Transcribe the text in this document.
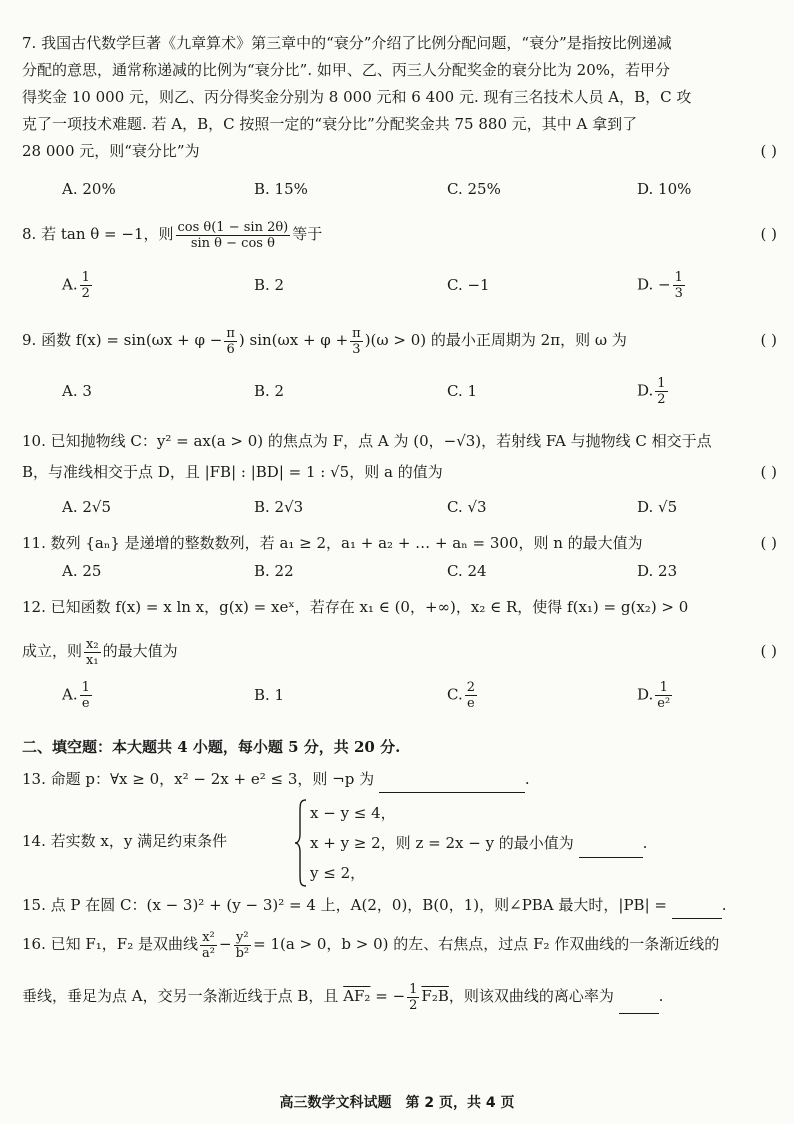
7. 我国古代数学巨著《九章算术》第三章中的“衰分”介绍了比例分配问题，“衰分”是指按比例递减
分配的意思，通常称递减的比例为“衰分比”. 如甲、乙、丙三人分配奖金的衰分比为 20%，若甲分
得奖金 10 000 元，则乙、丙分得奖金分别为 8 000 元和 6 400 元. 现有三名技术人员 A，B，C 攻
克了一项技术难题. 若 A，B，C 按照一定的“衰分比”分配奖金共 75 880 元，其中 A 拿到了
28 000 元，则“衰分比”为	( )
A. 20%	B. 15%	C. 25%	D. 10%
8. 若 tan θ = −1，则 $\frac{\text{cos θ(1 − sin 2θ)}}{\text{sin θ − cos θ}}$ 等于	( )
A. $\frac{1}{2}$	B. 2	C. −1	D. − $\frac{1}{3}$
9. 函数 $f(x) = \sin(\omega x + \varphi - \frac{\pi}{6}$ ) $\sin(\omega x + \varphi + \frac{\pi}{3} )(\omega > 0)$ 的最小正周期为 2π，则 ω 为	( )
A. 3	B. 2	C. 1	D. $\frac{1}{2}$
10. 已知抛物线 C：y² = ax(a > 0) 的焦点为 F，点 A 为 (0，−√3)，若射线 FA 与抛物线 C 相交于点
B，与准线相交于点 D，且 |FB| : |BD| = 1 : √5，则 a 的值为	( )
A. 2√5	B. 2√3	C. √3	D. √5
11. 数列 {aₙ} 是递增的整数数列，若 a₁ ≥ 2，a₁ + a₂ + … + aₙ = 300，则 n 的最大值为	( )
A. 25	B. 22	C. 24	D. 23
12. 已知函数 f(x) = x ln x，g(x) = xeˣ，若存在 x₁ ∈ (0，+∞)，x₂ ∈ R，使得 f(x₁) = g(x₂) > 0
成立，则 $\frac{\text{x₂}}{\text{x₁}}$ 的最大值为	( )
A. $\frac{1}{e}$	B. 1	C. $\frac{2}{e}$	D. $\frac{1}{\text{e²}}$
二、填空题：本大题共 4 小题，每小题 5 分，共 20 分.
13. 命题 p：∀x ≥ 0，x² − 2x + e² ≤ 3，则 ¬p 为	.
14. 若实数 x，y 满足约束条件
x − y ≤ 4，
x + y ≥ 2，则 z = 2x − y 的最小值为	.
y ≤ 2，
15. 点 P 在圆 C：(x − 3)² + (y − 3)² = 4 上，A(2，0)，B(0，1)，则∠PBA 最大时，|PB| =	.
16. 已知 F₁，F₂ 是双曲线 $\frac{\text{x²}}{\text{a²}} - \frac{\text{y²}}{\text{b²}} = 1(a > 0$，b > 0) 的左、右焦点，过点 F₂ 作双曲线的一条渐近线的
垂线，垂足为点 A，交另一条渐近线于点 B，且 AF₂ = − $\frac{1}{2} F_2B$，则该双曲线的离心率为	.
高三数学文科试题　第 2 页，共 4 页
